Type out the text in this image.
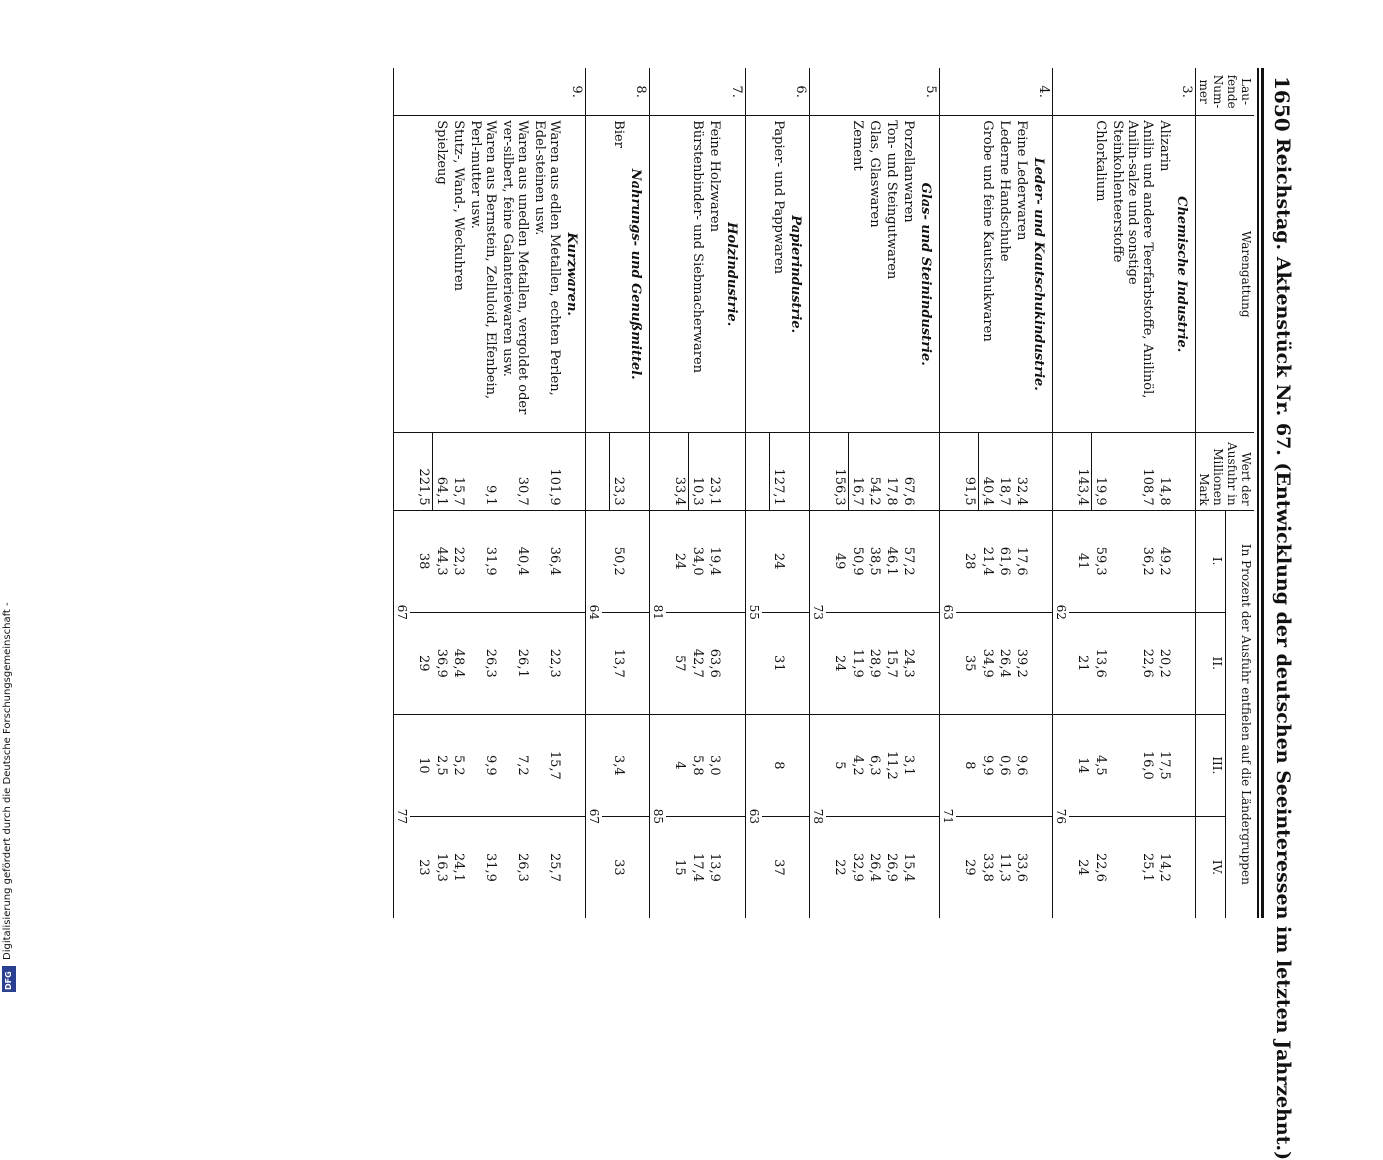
DFG
Digitalisierung gefördert durch die Deutsche Forschungsgemeinschaft -
1650
Reichstag. Aktenstück Nr. 67. (Entwicklung der deutschen Seeinteressen im letzten Jahrzehnt.)
Lau-fende Num-mer	Warengattung	Wert der Ausfuhr in Millionen Mark	In Prozent der Ausfuhr entfielen auf die Ländergruppen			
			I.	II.	III.	IV.
3.	Chemische Industrie.					
	Alizarin	14,8	49,2	20,2	17,5	14,2
	Anilin und andere Teerfarbstoffe, Anilinöl, Anilin-salze und sonstige Steinkohlenteerstoffe	108,7	36,2	22,6	16,0	25,1
	Chlorkalium	19,9	59,3	13,6	4,5	22,6
		143,4	41	21	14	24
			62		76	
4.	Leder- und Kautschukindustrie.					
	Feine Lederwaren	32,4	17,6	39,2	9,6	33,6
	Lederne Handschuhe	18,7	61,6	26,4	0,6	11,3
	Grobe und feine Kautschukwaren	40,4	21,4	34,9	9,9	33,8
		91,5	28	35	8	29
			63		71	
5.	Glas- und Steinindustrie.					
	Porzellanwaren	67,6	57,2	24,3	3,1	15,4
	Ton- und Steingutwaren	17,8	46,1	15,7	11,2	26,9
	Glas, Glaswaren	54,2	38,5	28,9	6,3	26,4
	Zement	16,7	50,9	11,9	4,2	32,9
		156,3	49	24	5	22
			73		78	
6.	Papierindustrie.					
	Papier- und Pappwaren	127,1	24	31	8	37

			55		63	
7.	Holzindustrie.					
	Feine Holzwaren	23,1	19,4	63,6	3,0	13,9
	Bürstenbinder- und Siebmacherwaren	10,3	34,0	42,7	5,8	17,4
		33,4	24	57	4	15
			81		85	
8.	Nahrungs- und Genußmittel.					
	Bier	23,3	50,2	13,7	3,4	33

			64		67	
9.	Kurzwaren.					
	Waren aus edlen Metallen, echten Perlen, Edel-steinen usw.	101,9	36,4	22,3	15,7	25,7
	Waren aus unedlen Metallen, vergoldet oder ver-silbert, feine Galanteriewaren usw.	30,7	40,4	26,1	7,2	26,3
	Waren aus Bernstein, Zelluloid, Elfenbein, Perl-mutter usw.	9,1	31,9	26,3	9,9	31,9
	Stutz-, Wand-, Weckuhren	15,7	22,3	48,4	5,2	24,1
	Spielzeug	64,1	44,3	36,9	2,5	16,3
		221,5	38	29	10	23
			67		77	
